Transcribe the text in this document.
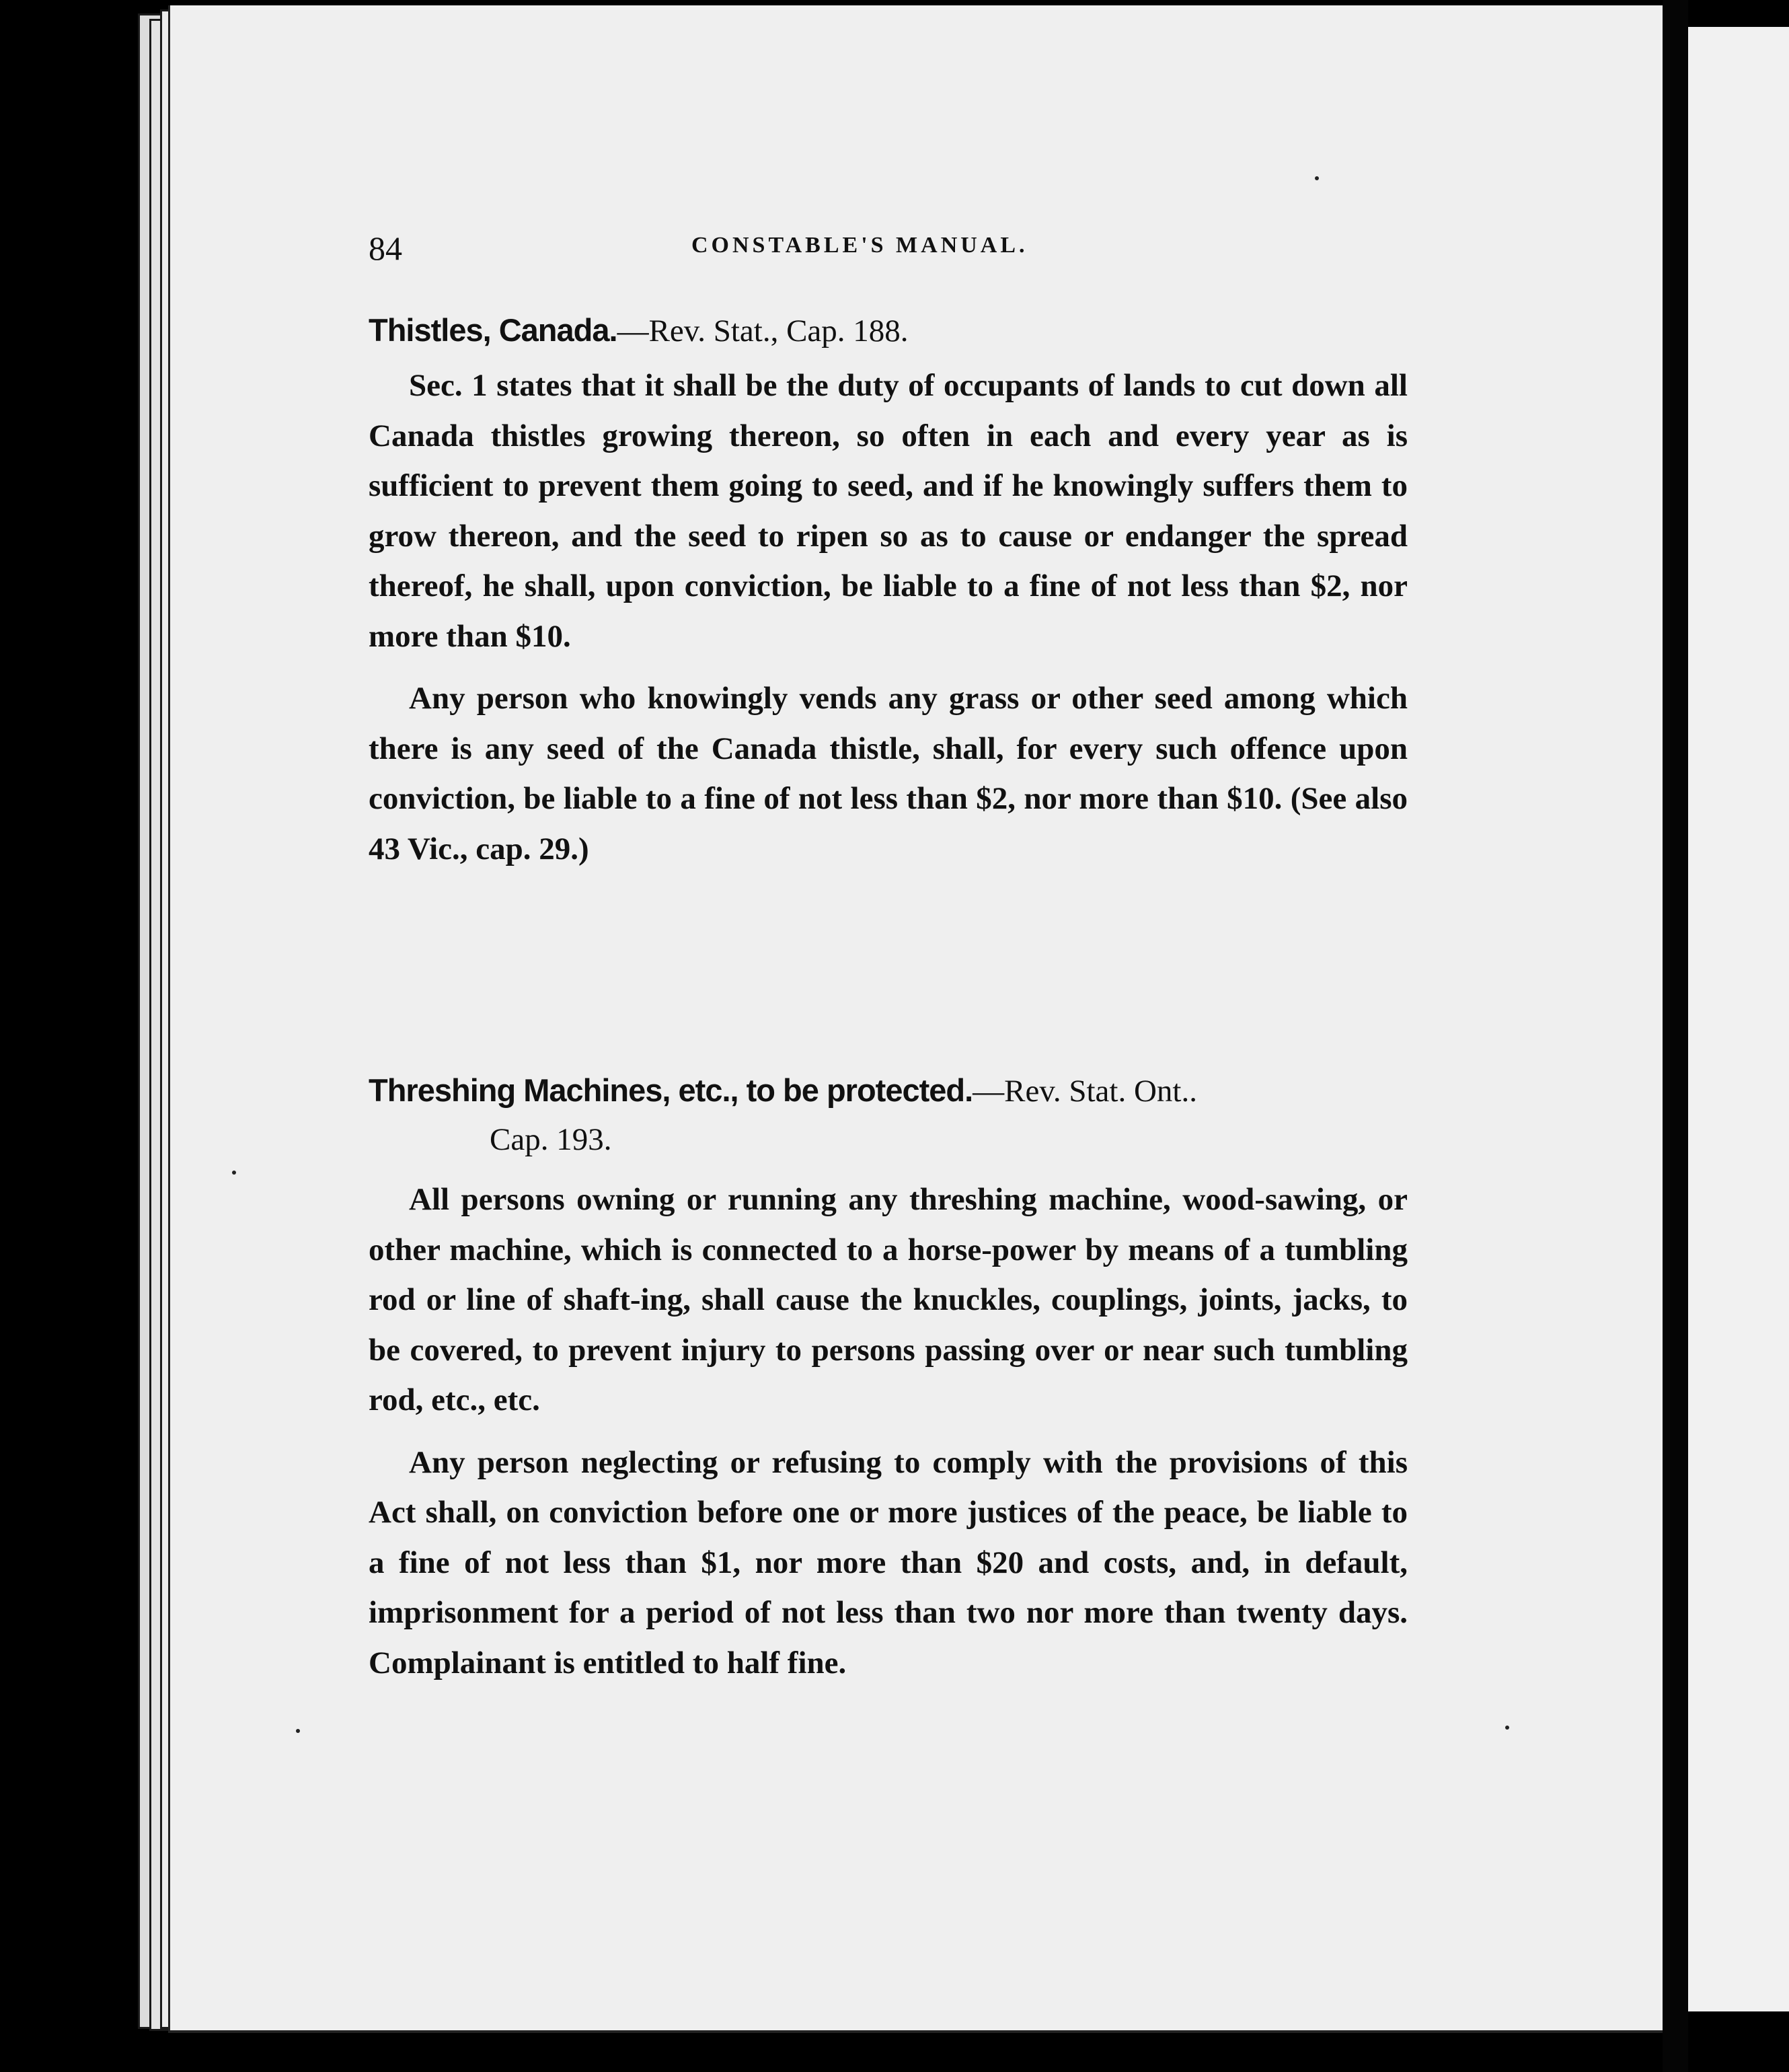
84	CONSTABLE'S MANUAL.

Thistles, Canada.—Rev. Stat., Cap. 188.

Sec. 1 states that it shall be the duty of occupants of lands to cut down all Canada thistles growing thereon, so often in each and every year as is sufficient to prevent them going to seed, and if he knowingly suffers them to grow thereon, and the seed to ripen so as to cause or endanger the spread thereof, he shall, upon conviction, be liable to a fine of not less than $2, nor more than $10.

Any person who knowingly vends any grass or other seed among which there is any seed of the Canada thistle, shall, for every such offence upon conviction, be liable to a fine of not less than $2, nor more than $10. (See also 43 Vic., cap. 29.)

Threshing Machines, etc., to be protected.—Rev. Stat. Ont..
Cap. 193.

All persons owning or running any threshing machine, wood-sawing, or other machine, which is connected to a horse-power by means of a tumbling rod or line of shaft-ing, shall cause the knuckles, couplings, joints, jacks, to be covered, to prevent injury to persons passing over or near such tumbling rod, etc., etc.

Any person neglecting or refusing to comply with the provisions of this Act shall, on conviction before one or more justices of the peace, be liable to a fine of not less than $1, nor more than $20 and costs, and, in default, imprisonment for a period of not less than two nor more than twenty days. Complainant is entitled to half fine.
